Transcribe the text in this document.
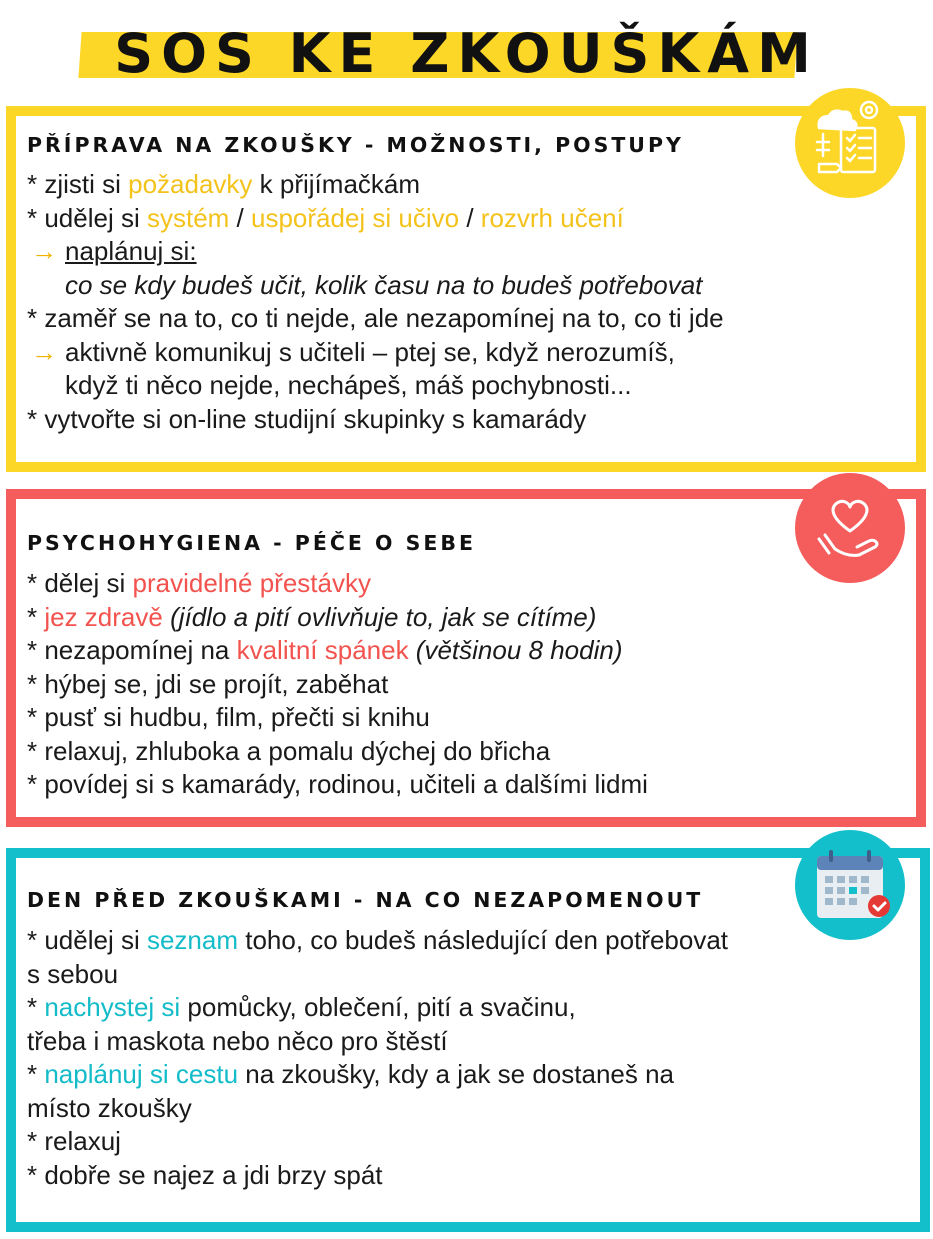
SOS KE ZKOUŠKÁM
PŘÍPRAVA NA ZKOUŠKY - MOŽNOSTI, POSTUPY
* zjisti si požadavky k přijímačkám
* udělej si systém / uspořádej si učivo / rozvrh učení
→ naplánuj si:
co se kdy budeš učit, kolik času na to budeš potřebovat
* zaměř se na to, co ti nejde, ale nezapomínej na to, co ti jde
→ aktivně komunikuj s učiteli – ptej se, když nerozumíš,
když ti něco nejde, nechápeš, máš pochybnosti...
* vytvořte si on-line studijní skupinky s kamarády
PSYCHOHYGIENA - PÉČE O SEBE
* dělej si pravidelné přestávky
* jez zdravě (jídlo a pití ovlivňuje to, jak se cítíme)
* nezapomínej na kvalitní spánek (většinou 8 hodin)
* hýbej se, jdi se projít, zaběhat
* pusť si hudbu, film, přečti si knihu
* relaxuj, zhluboka a pomalu dýchej do břicha
* povídej si s kamarády, rodinou, učiteli a dalšími lidmi
DEN PŘED ZKOUŠKAMI - NA CO NEZAPOMENOUT
* udělej si seznam toho, co budeš následující den potřebovat
s sebou
* nachystej si pomůcky, oblečení, pití a svačinu,
třeba i maskota nebo něco pro štěstí
* naplánuj si cestu na zkoušky, kdy a jak se dostaneš na
místo zkoušky
* relaxuj
* dobře se najez a jdi brzy spát
